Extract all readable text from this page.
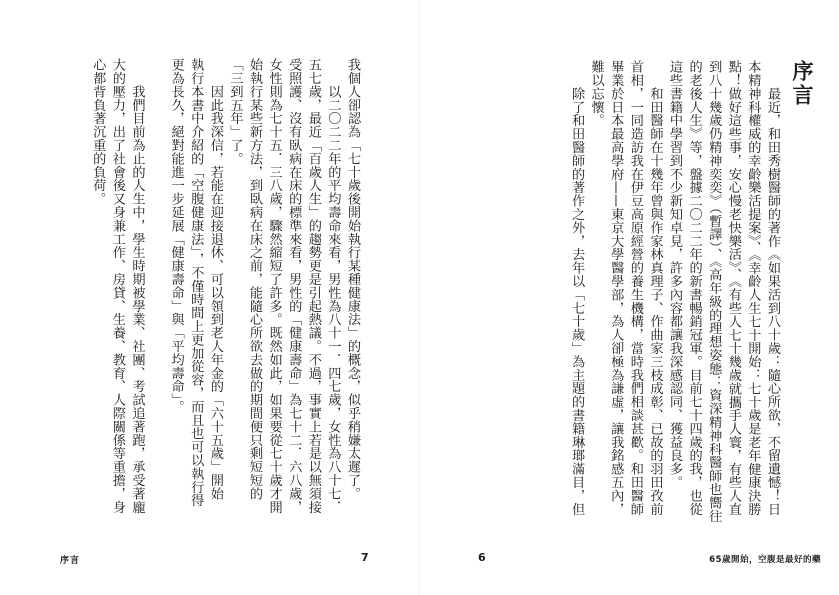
我個人卻認為「七十歲後開始執行某種健康法」的概念，似乎稍嫌太遲了。
　　以二〇二二年的平均壽命來看，男性為八十一．四七歲，女性為八十七．
五七歲，最近「百歲人生」的趨勢更是引起熱議。不過，事實上若是以無須接
受照護、沒有臥病在床的標準來看，男性的「健康壽命」為七十二．六八歲，
女性則為七十五．三八歲，驟然縮短了許多。既然如此，如果要從七十歲才開
始執行某些新方法，到臥病在床之前，能隨心所欲去做的期間便只剩短短的
「三到五年」了。
　　因此我深信，若能在迎接退休、可以領到老人年金的「六十五歲」開始
執行本書中介紹的「空腹健康法」，不僅時間上更加從容，而且也可以執行得
更為長久，絕對能進一步延展「健康壽命」與「平均壽命」。

　　我們目前為止的人生中，學生時期被學業、社團、考試追著跑，承受著龐
大的壓力，出了社會後又身兼工作、房貸、生養、教育、人際關係等重擔，身
心都背負著沉重的負荷。
序言	7
序言
　　最近，和田秀樹醫師的著作《如果活到八十歲：隨心所欲，不留遺憾！日
本精神科權威的幸齡樂活提案》、《幸齡人生七十開始：七十歲是老年健康決勝
點！做好這些事，安心慢老快樂活》、《有些人七十幾歲就攜手人寰，有些人直
到八十幾歲仍精神奕奕》（暫譯）、《高年級的理想姿態：資深精神科醫師也嚮往
的老後人生》等，盤據二〇二二年的新書暢銷冠軍。目前七十四歲的我，也從
這些書籍中學習到不少新知卓見，許多內容都讓我深感認同、獲益良多。
　　和田醫師在十幾年曾與作家林真理子、作曲家三枝成彰、已故的羽田孜前
首相，一同造訪我在伊豆高原經營的養生機構，當時我們相談甚歡。和田醫師
畢業於日本最高學府——東京大學醫學部，為人卻極為謙虛，讓我銘感五內，
難以忘懷。
　　除了和田醫師的著作之外，去年以「七十歲」為主題的書籍琳瑯滿目，但
6	65歲開始，空腹是最好的藥
